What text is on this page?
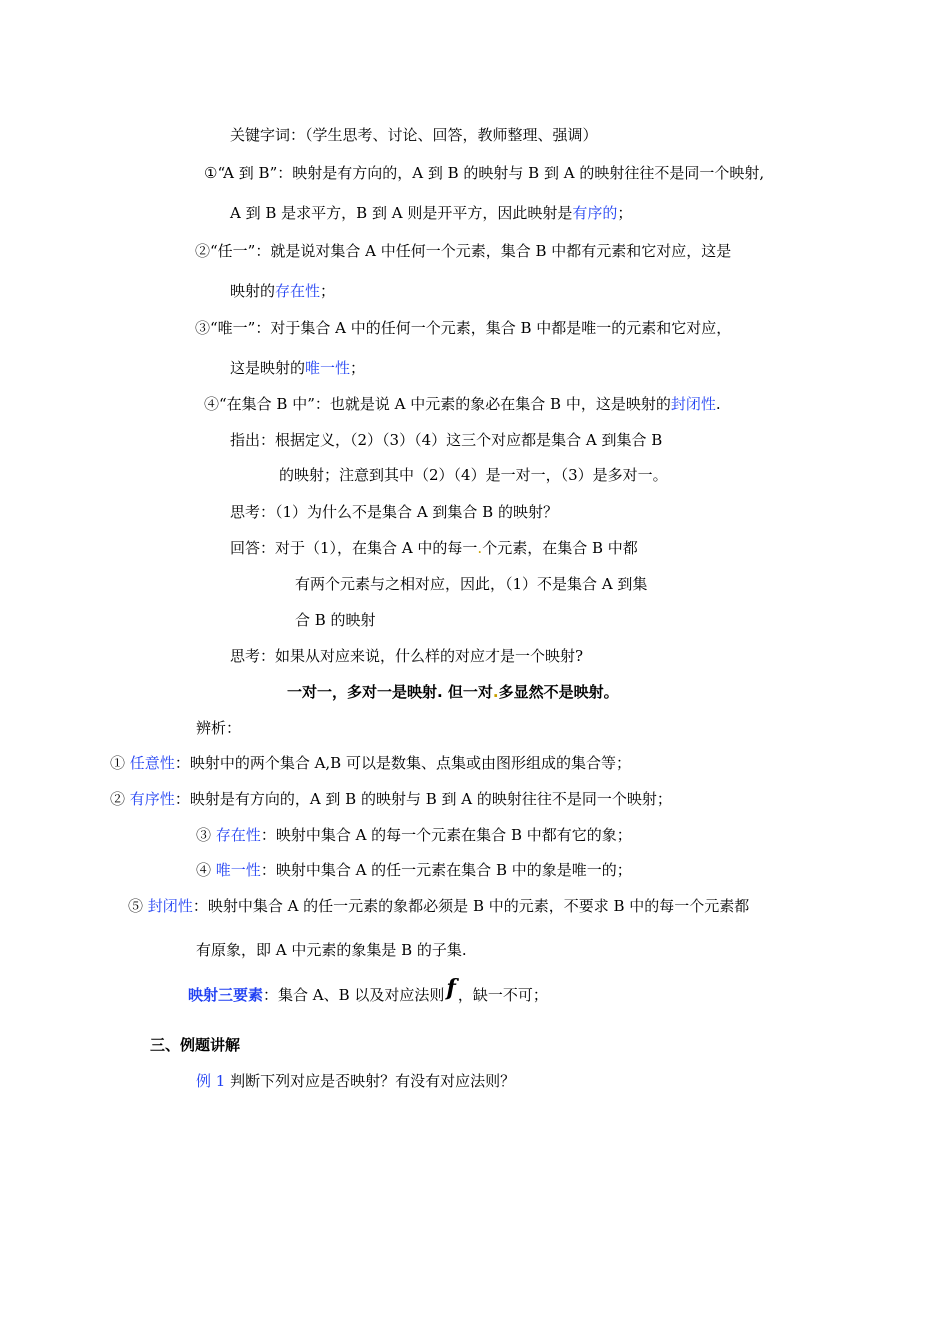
关键字词：（学生思考、讨论、回答，教师整理、强调）
①“A 到 B”：映射是有方向的，A 到 B 的映射与 B 到 A 的映射往往不是同一个映射,
A 到 B 是求平方，B 到 A 则是开平方，因此映射是有序的；
②“任一”：就是说对集合 A 中任何一个元素，集合 B 中都有元素和它对应，这是
映射的存在性；
③“唯一”：对于集合 A 中的任何一个元素，集合 B 中都是唯一的元素和它对应，
这是映射的唯一性；
④“在集合 B 中”：也就是说 A 中元素的象必在集合 B 中，这是映射的封闭性.
指出：根据定义，（2）（3）（4）这三个对应都是集合 A 到集合 B
的映射；注意到其中（2）（4）是一对一，（3）是多对一。
思考：（1）为什么不是集合 A 到集合 B 的映射？
回答：对于（1），在集合 A 中的每一.个元素，在集合 B 中都
有两个元素与之相对应，因此，（1）不是集合 A 到集
合 B 的映射
思考：如果从对应来说，什么样的对应才是一个映射?
一对一，多对一是映射. 但一对.多显然不是映射。
辨析：
① 任意性：映射中的两个集合 A,B 可以是数集、点集或由图形组成的集合等；
② 有序性：映射是有方向的，A 到 B 的映射与 B 到 A 的映射往往不是同一个映射；
③ 存在性：映射中集合 A 的每一个元素在集合 B 中都有它的象；
④ 唯一性：映射中集合 A 的任一元素在集合 B 中的象是唯一的；
⑤ 封闭性：映射中集合 A 的任一元素的象都必须是 B 中的元素，不要求 B 中的每一个元素都
有原象，即 A 中元素的象集是 B 的子集.
映射三要素：集合 A、B 以及对应法则f ，缺一不可；
三、例题讲解
例 1 判断下列对应是否映射？有没有对应法则？
